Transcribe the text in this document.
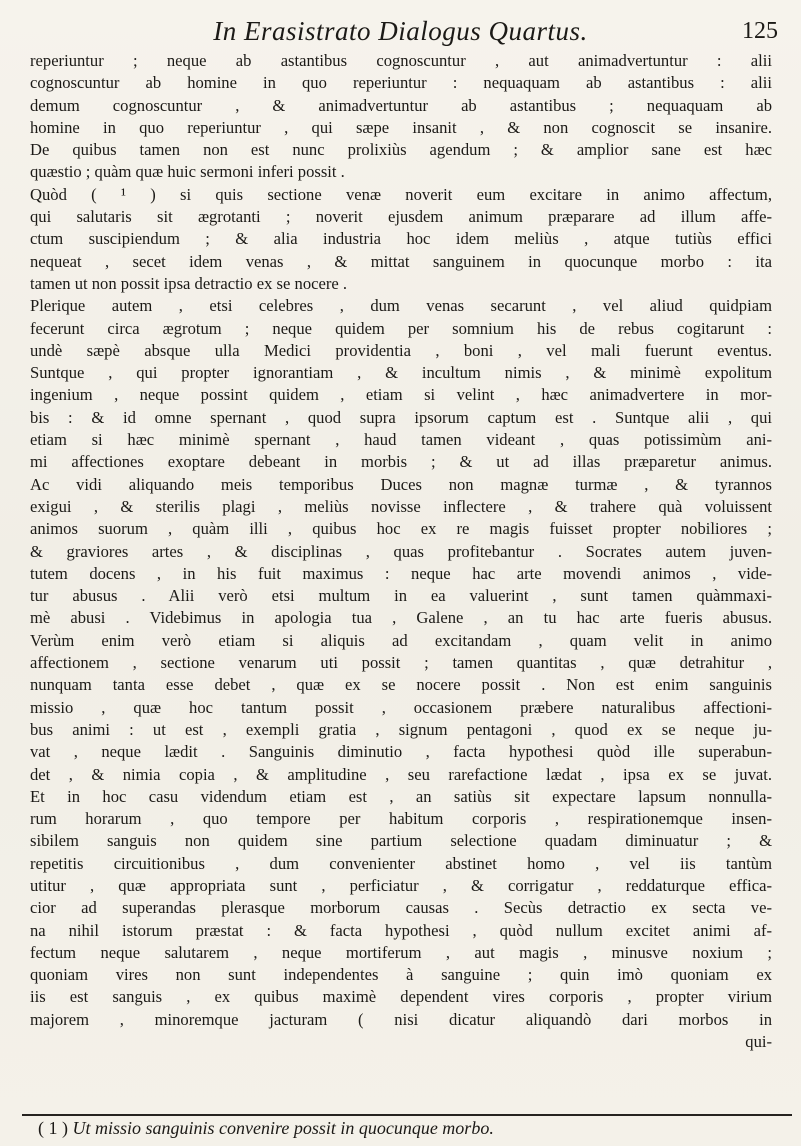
In Erasistrato Dialogus Quartus.	125
reperiuntur ; neque ab astantibus cognoscuntur , aut animadvertuntur : alii
cognoscuntur ab homine in quo reperiuntur : nequaquam ab astantibus : alii
demum cognoscuntur , & animadvertuntur ab astantibus ; nequaquam ab
homine in quo reperiuntur , qui sæpe insanit , & non cognoscit se insanire.
De quibus tamen non est nunc prolixiùs agendum ; & amplior sane est hæc
quæstio ; quàm quæ huic sermoni inferi possit .
Quòd ( ¹ ) si quis sectione venæ noverit eum excitare in animo affectum,
qui salutaris sit ægrotanti ; noverit ejusdem animum præparare ad illum affe-
ctum suscipiendum ; & alia industria hoc idem meliùs , atque tutiùs effici
nequeat , secet idem venas , & mittat sanguinem in quocunque morbo : ita
tamen ut non possit ipsa detractio ex se nocere .
Plerique autem , etsi celebres , dum venas secarunt , vel aliud quidpiam
fecerunt circa ægrotum ; neque quidem per somnium his de rebus cogitarunt :
undè sæpè absque ulla Medici providentia , boni , vel mali fuerunt eventus.
Suntque , qui propter ignorantiam , & incultum nimis , & minimè expolitum
ingenium , neque possint quidem , etiam si velint , hæc animadvertere in mor-
bis : & id omne spernant , quod supra ipsorum captum est . Suntque alii , qui
etiam si hæc minimè spernant , haud tamen videant , quas potissimùm ani-
mi affectiones exoptare debeant in morbis ; & ut ad illas præparetur animus.
Ac vidi aliquando meis temporibus Duces non magnæ turmæ , & tyrannos
exigui , & sterilis plagi , meliùs novisse inflectere , & trahere quà voluissent
animos suorum , quàm illi , quibus hoc ex re magis fuisset propter nobiliores ;
& graviores artes , & disciplinas , quas profitebantur . Socrates autem juven-
tutem docens , in his fuit maximus : neque hac arte movendi animos , vide-
tur abusus . Alii verò etsi multum in ea valuerint , sunt tamen quàmmaxi-
mè abusi . Videbimus in apologia tua , Galene , an tu hac arte fueris abusus.
Verùm enim verò etiam si aliquis ad excitandam , quam velit in animo
affectionem , sectione venarum uti possit ; tamen quantitas , quæ detrahitur ,
nunquam tanta esse debet , quæ ex se nocere possit . Non est enim sanguinis
missio , quæ hoc tantum possit , occasionem præbere naturalibus affectioni-
bus animi : ut est , exempli gratia , signum pentagoni , quod ex se neque ju-
vat , neque lædit . Sanguinis diminutio , facta hypothesi quòd ille superabun-
det , & nimia copia , & amplitudine , seu rarefactione lædat , ipsa ex se juvat.
Et in hoc casu videndum etiam est , an satiùs sit expectare lapsum nonnulla-
rum horarum , quo tempore per habitum corporis , respirationemque insen-
sibilem sanguis non quidem sine partium selectione quadam diminuatur ; &
repetitis circuitionibus , dum convenienter abstinet homo , vel iis tantùm
utitur , quæ appropriata sunt , perficiatur , & corrigatur , reddaturque effica-
cior ad superandas plerasque morborum causas . Secùs detractio ex secta ve-
na nihil istorum præstat : & facta hypothesi , quòd nullum excitet animi af-
fectum neque salutarem , neque mortiferum , aut magis , minusve noxium ;
quoniam vires non sunt independentes à sanguine ; quin imò quoniam ex
iis est sanguis , ex quibus maximè dependent vires corporis , propter virium
majorem , minoremque jacturam ( nisi dicatur aliquandò dari morbos in
qui-
( 1 ) Ut missio sanguinis convenire possit in quocunque morbo.
